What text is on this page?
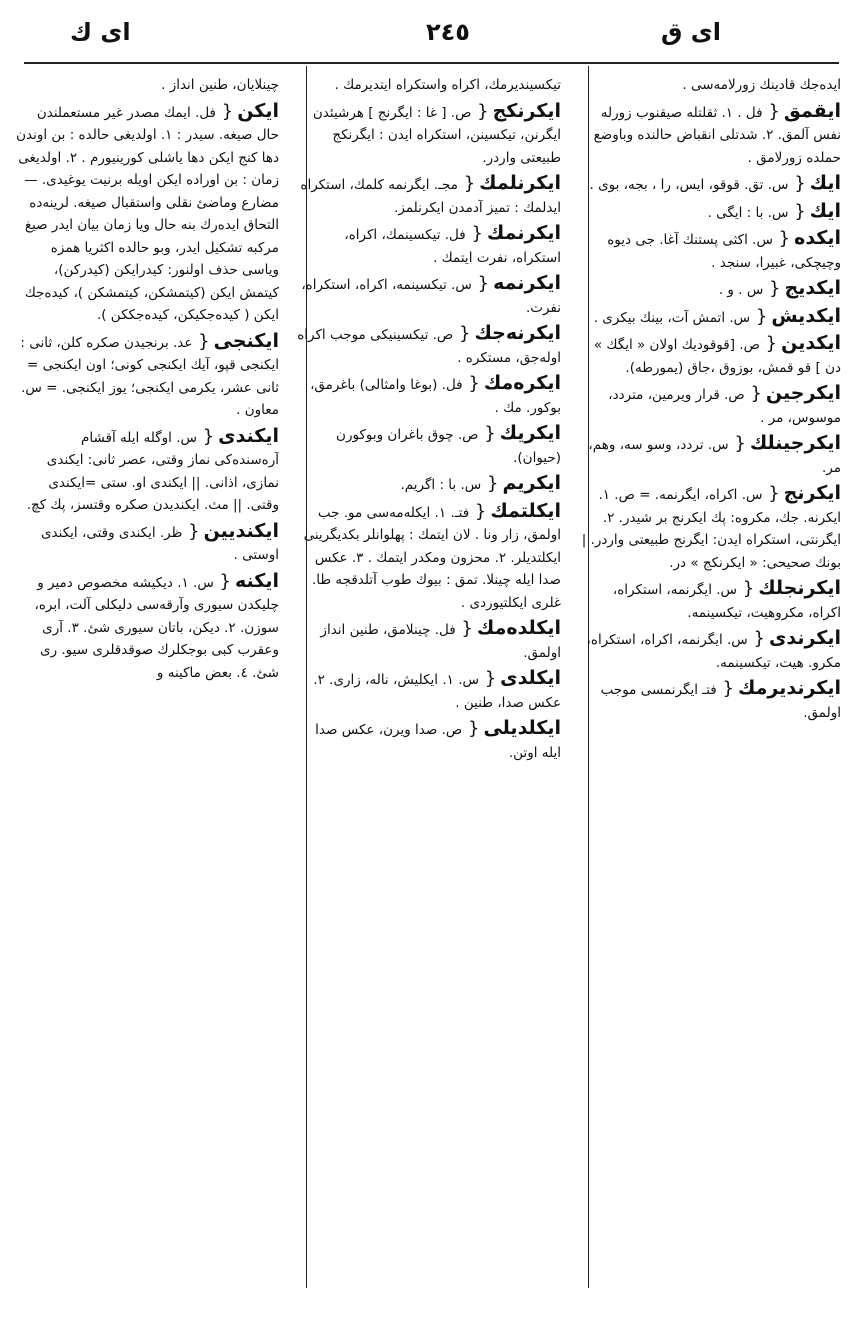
ای ك	٢٤٥	ای ق
ایدەجك قادینك زورلامەسی .
ایقمق{ فل . ١. ثقلتلە صیقنوب زورلە نفس آلمق. ٢. شدتلی انقباض حالندە وباوضع حملدە زورلامق .
ایك{ س. تق. قوقو، ایس، را ، بجە، بوی .
ایك{ س. با : ایگی .
ایكدە{ س. اكثی پستنك آغا. جی دیوە وچیچكی، غبیرا، سنجد .
ایكدیج{ س . و .
ایكدیش{ س. اتمش آت، بینك بیكری .
ایكدین{ ص. [قوقودیك اولان « ایگك » دن ] قو قمش، بوزوق ،جاق (یمورطە).
ایكرجین{ ص. قرار ویرمین، متردد، موسوس، مر .
ایكرجینلك{ س. تردد، وسو سە، وهم، مر.
ایكرنج{ س. اكراە، ایگرنمە. = ص. ١. ایكرنە. جك، مكروە: پك ایكرنج بر شیدر. ٢. ایگرنتی، استكراە ایدن: ایگرنج طبیعتی واردر. | بونك صحیحی: « ایكرنكج » در.
ایكرنجلك{ س. ایگرنمە، استكراە، اكراە، مكروهیت، تیكسینمە.
ایكرندی{ س. ایگرنمە، اكراە، استكراە، مكرو. هیت، تیكسینمە.
ایكرندیرمك{ فتـ ایگرنمسی موجب اولمق.
تیكسینديرمك، اكراە واستكراە ایتدیرمك .
ایكرنكج{ ص. [ غا : ایگرنج ] هرشیئدن ایگرنن، تیكسینن، استكراە ایدن : ایگرنكج طبیعتی واردر.
ایكرنلمك{ مجـ. ایگرنمە كلمك، استكراە ایدلمك : تمیز آدمدن ایكرنلمز.
ایكرنمك{ فل. تیكسینمك، اكراە، استكراە، نفرت ایتمك .
ایكرنمە{ س. تیكسینمە، اكراە، استكراە، نفرت.
ایكرنەجك{ ص. تیكسینيكی موجب اكراە اولەجق، مستكرە .
ایكرەمك{ فل. (بوغا وامثالی) باغرمق، بوكور. مك .
ایكریك{ ص. چوق باغران وبوكورن (حیوان).
ایكریم{ س. با : اگریم.
ایكلتمك{ فتـ. ١. ایكلەمەسی مو. جب اولمق، زار ونا . لان ایتمك : پهلوانلر بكدیگرینی ایكلتدیلر. ٢. محزون ومكدر ایتمك . ٣. عكس صدا ایلە چینلا. تمق : بیوك طوب آتلدقجە طا. غلری ایكلتیوردی .
ایكلدەمك{ فل. چینلامق، طنین انداز اولمق.
ایكلدی{ س. ١. ایكلیش، نالە، زاری. ٢. عكس صدا، طنین .
ایكلدیلی{ ص. صدا ویرن، عكس صدا ایلە اوتن.
چینلایان، طنین انداز .
ایكن{ فل. ایمك مصدر غیر مستعملندن حال صیغە. سیدر : ١. اولدیغی حالدە : بن اوندن دها كنج ایكن دها یاشلی كورینیورم . ٢. اولدیغی زمان : بن اورادە ایكن اویلە برنیت یوغیدی. — مضارع وماضئ نقلی واستقبال صیغە. لرینەدە التحاق ایدەرك بنە حال ویا زمان بیان ایدر صیغ مركبە تشكیل ایدر، وبو حالدە اكثریا همزە ویاسی حذف اولنور: كیدرایكن (كیدركن)، كیتمش ایكن (كیتمشكن، كیتمشكن )، كیدەجك ایكن ( كیدەجكیكن، كیدەجككن ).
ایكنجی{ عد. برنجیدن صكرە كلن، ثانی : ایكنجی قپو، آیك ایكنجی كونی؛ اون ایكنجی = ثانی عشر، یكرمی ایكنجی؛ یوز ایكنجی. = س. معاون .
ایكندی{ س. اوگلە ایلە آقشام آرەسندەكی نماز وقتی، عصر ثانی: ایكندی نمازی، اذانی. || ایكندی او. ستی =ایكندی وقتی. || مث. ایكندیدن صكرە وقتسز، پك كچ.
ایكندیین{ ظر. ایكندی وقتی، ایكندی اوستی .
ایكنە{ س. ١. دیكیشە مخصوص دمیر و چلیكدن سیوری وآرقەسی دلیكلی آلت، ابرە، سوزن. ٢. دیكن، باتان سیوری شئ. ٣. آری وعقرب كبی بوجكلرك صوقدقلری سیو. ری شئ. ٤. بعض ماكینە و
